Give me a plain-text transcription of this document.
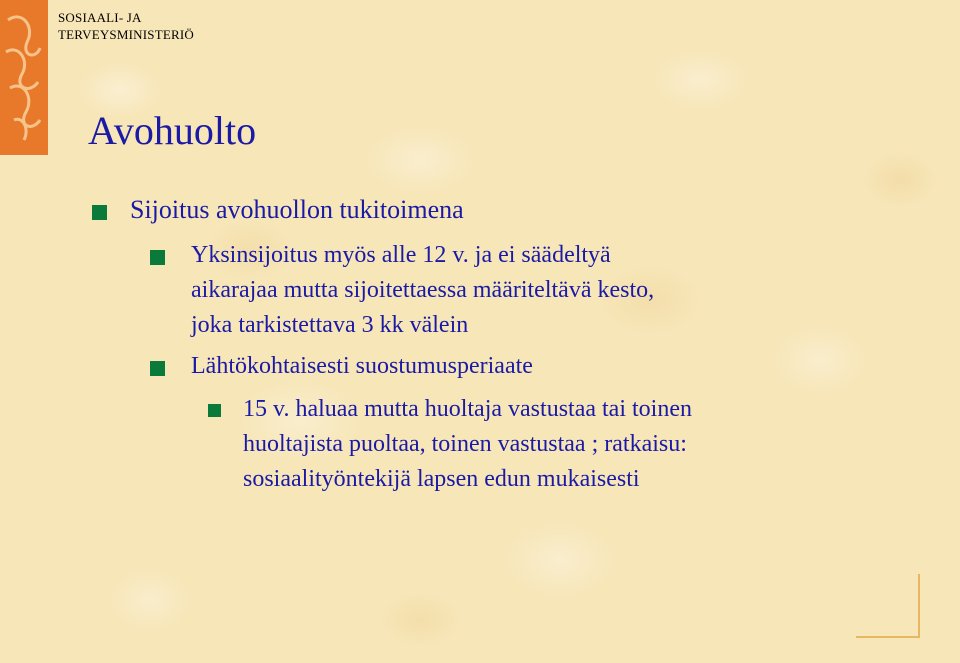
SOSIAALI- JA
TERVEYSMINISTERIÖ
Avohuolto
Sijoitus avohuollon tukitoimena
Yksinsijoitus myös alle 12 v. ja ei säädeltyä
aikarajaa mutta sijoitettaessa määriteltävä kesto,
joka tarkistettava 3 kk välein
Lähtökohtaisesti suostumusperiaate
15 v. haluaa mutta huoltaja vastustaa tai toinen
huoltajista puoltaa, toinen vastustaa ; ratkaisu:
sosiaalityöntekijä lapsen edun mukaisesti
